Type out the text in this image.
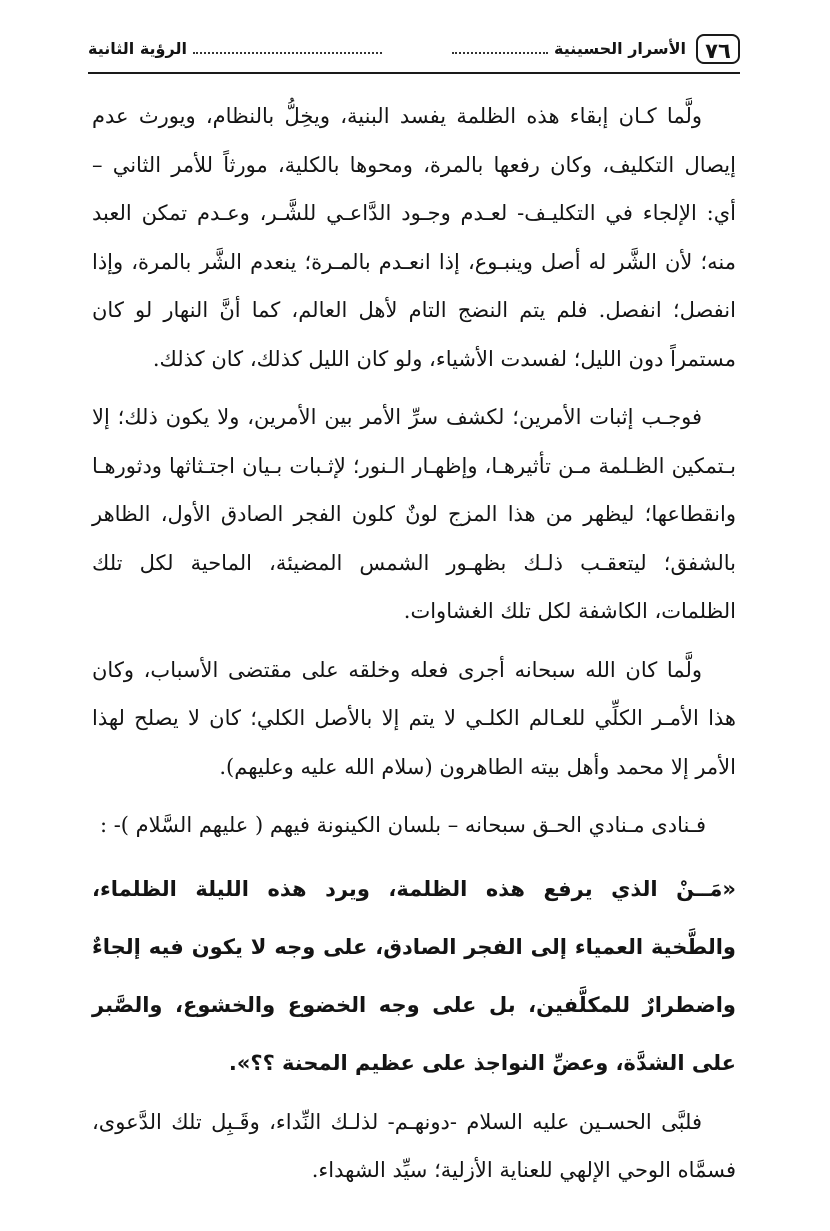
٧٦
الأسرار الحسينية
الرؤية الثانية

ولَّما كـان إبقاء هذه الظلمة يفسد البنية، ويخِلُّ بالنظام، ويورث عدم إيصال التكليف، وكان رفعها بالمرة، ومحوها بالكلية، مورثاً للأمر الثاني – أي: الإلجاء في التكليـف- لعـدم وجـود الدَّاعـي للشَّـر، وعـدم تمكن العبد منه؛ لأن الشَّر له أصل وينبـوع، إذا انعـدم بالمـرة؛ ينعدم الشَّر بالمرة، وإذا انفصل؛ انفصل. فلم يتم النضج التام لأهل العالم، كما أنَّ النهار لو كان مستمراً دون الليل؛ لفسدت الأشياء، ولو كان الليل كذلك، كان كذلك.

فوجـب إثبات الأمرين؛ لكشف سرِّ الأمر بين الأمرين، ولا يكون ذلك؛ إلا بـتمكين الظـلمة مـن تأثيرهـا، وإظهـار الـنور؛ لإثـبات بـيان اجتـثاثها ودثورهـا وانقطاعها؛ ليظهر من هذا المزج لونٌ كلون الفجر الصادق الأول، الظاهر بالشفق؛ ليتعقـب ذلـك بظهـور الشمس المضيئة، الماحية لكل تلك الظلمات، الكاشفة لكل تلك الغشاوات.

ولَّما كان الله سبحانه أجرى فعله وخلقه على مقتضى الأسباب، وكان هذا الأمـر الكلِّي للعـالم الكلـي لا يتم إلا بالأصل الكلي؛ كان لا يصلح لهذا الأمر إلا محمد وأهل بيته الطاهرون (سلام الله عليه وعليهم).

فـنادى مـنادي الحـق سبحانه – بلسان الكينونة فيهم ( عليهم السَّلام )- :

«مَــنْ الذي يرفع هذه الظلمة، ويرد هذه الليلة الظلماء، والطَّخية العمياء إلى الفجر الصادق، على وجه لا يكون فيه إلجاءٌ واضطرارٌ للمكلَّفين، بل على وجه الخضوع والخشوع، والصَّبر على الشدَّة، وعضِّ النواجذ على عظيم المحنة ؟؟».

فلبَّى الحسـين عليه السلام -دونهـم- لذلـك النِّداء، وقَـبِل تلك الدَّعوى، فسمَّاه الوحي الإلهي للعناية الأزلية؛ سيِّد الشهداء.
